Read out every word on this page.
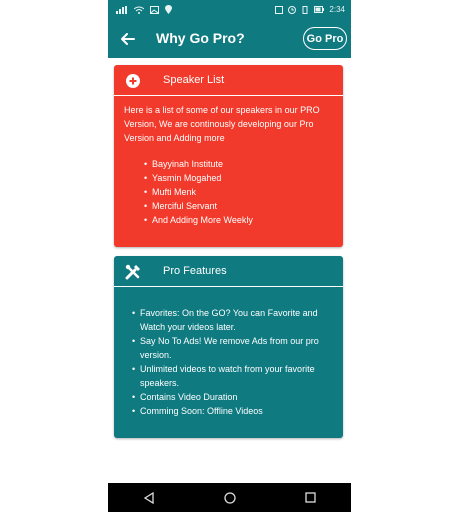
2:34
Why Go Pro?	Go Pro
Speaker List
Here is a list of some of our speakers in our PRO Version, We are continously developing our Pro Version and Adding more
• Bayyinah Institute
• Yasmin Mogahed
• Mufti Menk
• Merciful Servant
• And Adding More Weekly
Pro Features
• Favorites: On the GO? You can Favorite and Watch your videos later.
• Say No To Ads! We remove Ads from our pro version.
• Unlimited videos to watch from your favorite speakers.
• Contains Video Duration
• Comming Soon: Offline Videos
